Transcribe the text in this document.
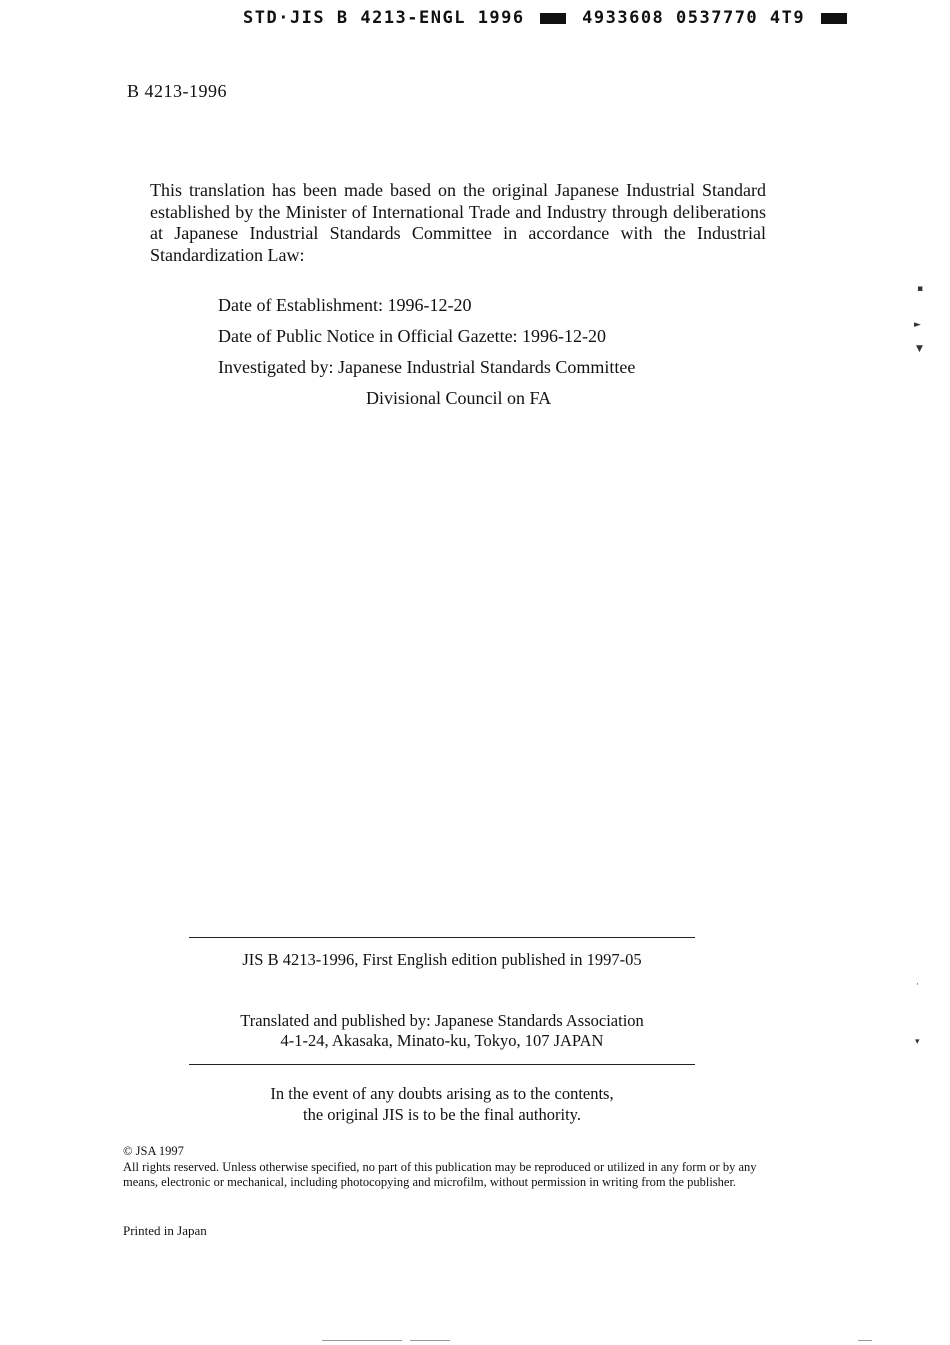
STD·JIS B 4213-ENGL 1996	4933608 0537770 4T9
B 4213-1996
This translation has been made based on the original Japanese Industrial Standard established by the Minister of International Trade and Industry through deliberations at Japanese Industrial Standards Committee in accordance with the Industrial Standardization Law:
Date of Establishment: 1996-12-20
Date of Public Notice in Official Gazette: 1996-12-20
Investigated by: Japanese Industrial Standards Committee
Divisional Council on FA
JIS B 4213-1996, First English edition published in 1997-05
Translated and published by: Japanese Standards Association
4-1-24, Akasaka, Minato-ku, Tokyo, 107 JAPAN
In the event of any doubts arising as to the contents,
the original JIS is to be the final authority.
© JSA 1997
All rights reserved. Unless otherwise specified, no part of this publication may be reproduced or utilized in any form or by any means, electronic or mechanical, including photocopying and microfilm, without permission in writing from the publisher.
Printed in Japan
▪
►
▼
·
▾
